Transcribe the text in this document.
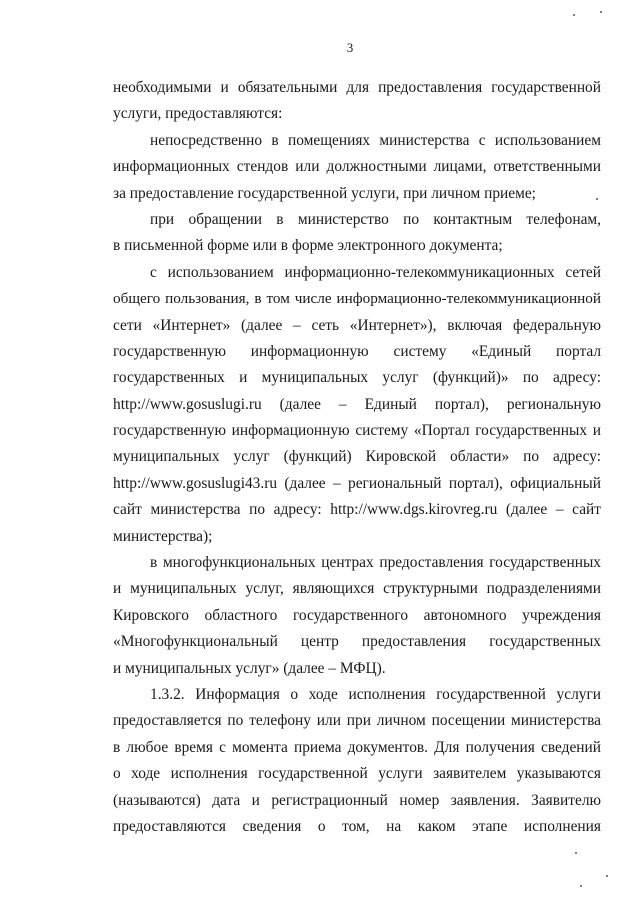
3
необходимыми и обязательными для предоставления государственной
услуги, предоставляются:
непосредственно в помещениях министерства с использованием
информационных стендов или должностными лицами, ответственными
за предоставление государственной услуги, при личном приеме;
при обращении в министерство по контактным телефонам,
в письменной форме или в форме электронного документа;
с использованием информационно-телекоммуникационных сетей
общего пользования, в том числе информационно-телекоммуникационной
сети «Интернет» (далее – сеть «Интернет»), включая федеральную
государственную информационную систему «Единый портал
государственных и муниципальных услуг (функций)» по адресу:
http://www.gosuslugi.ru (далее – Единый портал), региональную
государственную информационную систему «Портал государственных и
муниципальных услуг (функций) Кировской области» по адресу:
http://www.gosuslugi43.ru (далее – региональный портал), официальный
сайт министерства по адресу: http://www.dgs.kirovreg.ru (далее – сайт
министерства);
в многофункциональных центрах предоставления государственных
и муниципальных услуг, являющихся структурными подразделениями
Кировского областного государственного автономного учреждения
«Многофункциональный центр предоставления государственных
и муниципальных услуг» (далее – МФЦ).
1.3.2. Информация о ходе исполнения государственной услуги
предоставляется по телефону или при личном посещении министерства
в любое время с момента приема документов. Для получения сведений
о ходе исполнения государственной услуги заявителем указываются
(называются) дата и регистрационный номер заявления. Заявителю
предоставляются сведения о том, на каком этапе исполнения
